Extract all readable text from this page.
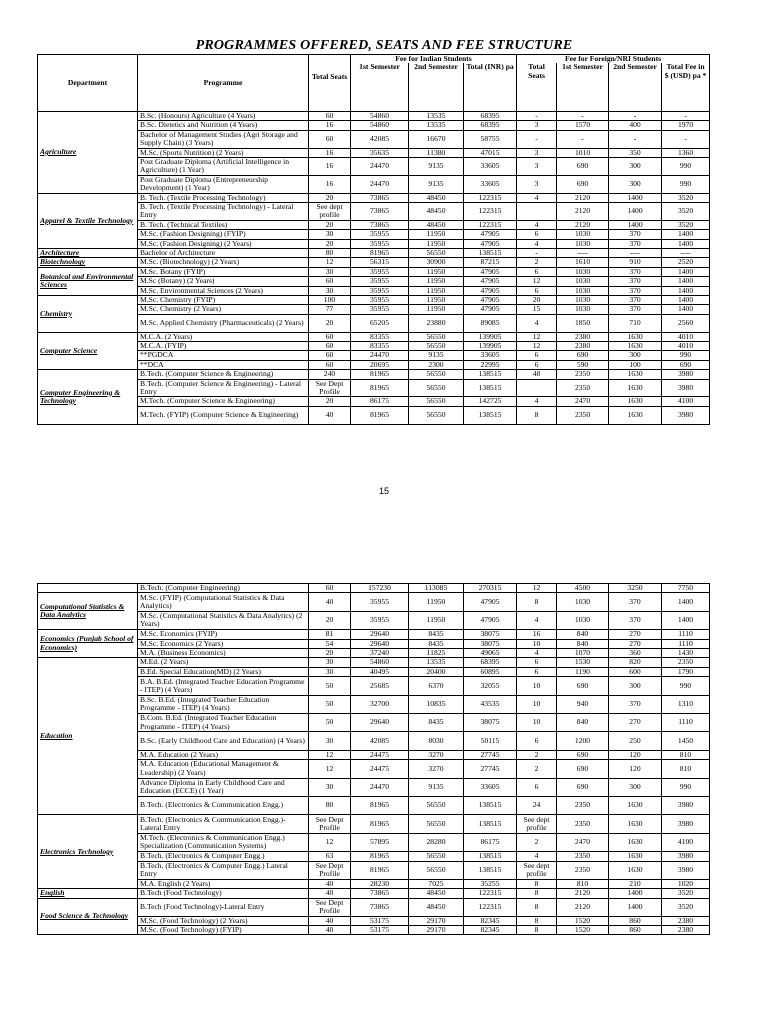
PROGRAMMES OFFERED, SEATS AND FEE STRUCTURE
Department	Programme	Total Seats	Fee for Indian Students			Fee for Foreign/NRI Students			
			1st Semester	2nd Semester	Total (INR) pa	Total Seats	1st Semester	2nd Semester	Total Fee in $ (USD) pa *
Agriculture	B.Sc. (Honours) Agriculture (4 Years)	60	54860	13535	68395	-	-	-	-
	B.Sc. Dietetics and Nutrition (4 Years)	16	54860	13535	68395	3	1570	400	1970
	Bachelor of Management Studies (Agri Storage and Supply Chain) (3 Years)	60	42085	16670	58755	-	-	-	-
	M.Sc. (Sports Nutrition) (2 Years)	16	35635	11380	47015	3	1010	350	1360
	Post Graduate Diploma (Artificial Intelligence in Agriculture) (1 Year)	16	24470	9135	33605	3	690	300	990
	Post Graduate Diploma (Entrepreneurship Development) (1 Year)	16	24470	9135	33605	3	690	300	990
Apparel & Textile Technology	B. Tech. (Textile Processing Technology)	20	73865	48450	122315	4	2120	1400	3520
	B. Tech. (Textile Processing Technology) - Lateral Entry	See dept profile	73865	48450	122315		2120	1400	3520
	B. Tech. (Technical Textiles)	20	73865	48450	122315	4	2120	1400	3520
	M.Sc. (Fashion Designing) (FYIP)	30	35955	11950	47905	6	1030	370	1400
	M.Sc. (Fashion Designing) (2 Years)	20	35955	11950	47905	4	1030	370	1400
Architecture	Bachelor of Architecture	80	81965	56550	138515	-	----	----	----
Biotechnology	M.Sc. (Biotechnology) (2 Years)	12	56315	30900	87215	2	1610	910	2520
Botanical and Environmental Sciences	M.Sc. Botany (FYIP)	30	35955	11950	47905	6	1030	370	1400
	M.Sc (Botany) (2 Years)	60	35955	11950	47905	12	1030	370	1400
	M.Sc. Environmental Sciences (2 Years)	30	35955	11950	47905	6	1030	370	1400
Chemistry	M.Sc. Chemistry (FYIP)	100	35955	11950	47905	20	1030	370	1400
	M.Sc. Chemistry (2 Years)	77	35955	11950	47905	15	1030	370	1400
	M.Sc. Applied Chemistry (Pharmaceuticals) (2 Years)	20	65205	23880	89085	4	1850	710	2560
Computer Science	M.C.A. (2 Years)	60	83355	56550	139905	12	2380	1630	4010
	M.C.A. (FYIP)	60	83355	56550	139905	12	2380	1630	4010
	**PGDCA	60	24470	9135	33605	6	690	300	990
	**DCA	60	20695	2300	22995	6	590	100	690
Computer Engineering & Technology	B.Tech. (Computer Science & Engineering)	240	81965	56550	138515	48	2350	1630	3980
	B.Tech. (Computer Science & Engineering) - Lateral Entry	See Dept Profile	81965	56550	138515		2350	1630	3980
	M.Tech. (Computer Science & Engineering)	20	86175	56550	142725	4	2470	1630	4100
	M.Tech. (FYIP) (Computer Science & Engineering)	40	81965	56550	138515	8	2350	1630	3980
15
	B.Tech. (Computer Engineering)	60	157230	113085	270315	12	4500	3250	7750
Computational Statistics & Data Analytics	M.Sc. (FYIP) (Computational Statistics & Data Analytics)	40	35955	11950	47905	8	1030	370	1400
	M.Sc. (Computational Statistics & Data Analytics) (2 Years)	20	35955	11950	47905	4	1030	370	1400
Economics (Punjab School of Economics)	M.Sc. Economics (FYIP)	81	29640	8435	38075	16	840	270	1110
	M.Sc. Economics (2 Years)	54	29640	8435	38075	10	840	270	1110
	M.A. (Business Economics)	20	37240	11825	49065	4	1070	360	1430
Education	M.Ed. (2 Years)	30	54860	13535	68395	6	1530	820	2350
	B.Ed. Special Education(MD) (2 Years)	30	40495	20400	60895	6	1190	600	1790
	B.A. B.Ed. (Integrated Teacher Education Programme - ITEP) (4 Years)	50	25685	6370	32055	10	690	300	990
	B.Sc. B.Ed. (Integrated Teacher Education Programme - ITEP) (4 Years)	50	32700	10835	43535	10	940	370	1310
	B.Com. B.Ed. (Integrated Teacher Education Programme - ITEP) (4 Years)	50	29640	8435	38075	10	840	270	1110
	B.Sc. (Early Childhood Care and Education) (4 Years)	30	42085	8030	50115	6	1200	250	1450
	M.A. Education (2 Years)	12	24475	3270	27745	2	690	120	810
	M.A. Education (Educational Management & Leadership) (2 Years)	12	24475	3270	27745	2	690	120	810
	Advance Diploma in Early Childhood Care and Education (ECCE) (1 Year)	30	24470	9135	33605	6	690	300	990
	B.Tech. (Electronics & Communication Engg.)	80	81965	56550	138515	24	2350	1630	3980
Electronics Technology	B.Tech. (Electronics & Communication Engg.)-Lateral Entry	See Dept Profile	81965	56550	138515	See dept profile	2350	1630	3980
	M.Tech. (Electronics & Communication Engg.) Specialization (Communication Systems)	12	57895	28280	86175	2	2470	1630	4100
	B.Tech. (Electronics & Computer Engg.)	63	81965	56550	138515	4	2350	1630	3980
	B.Tech. (Electronics & Computer Engg.) Lateral Entry	See Dept Profile	81965	56550	138515	See dept profile	2350	1630	3980
	M.A. English (2 Years)	40	28230	7025	35255	8	810	210	1020
English	B.Tech (Food Technology)	40	73865	48450	122315	8	2120	1400	3520
Food Science & Technology	B.Tech (Food Technology)-Lateral Entry	See Dept Profile	73865	48450	122315	8	2120	1400	3520
	M.Sc. (Food Technology) (2 Years)	40	53175	29170	82345	8	1520	860	2380
	M.Sc. (Food Technology) (FYIP)	40	53175	29170	82345	8	1520	860	2380
